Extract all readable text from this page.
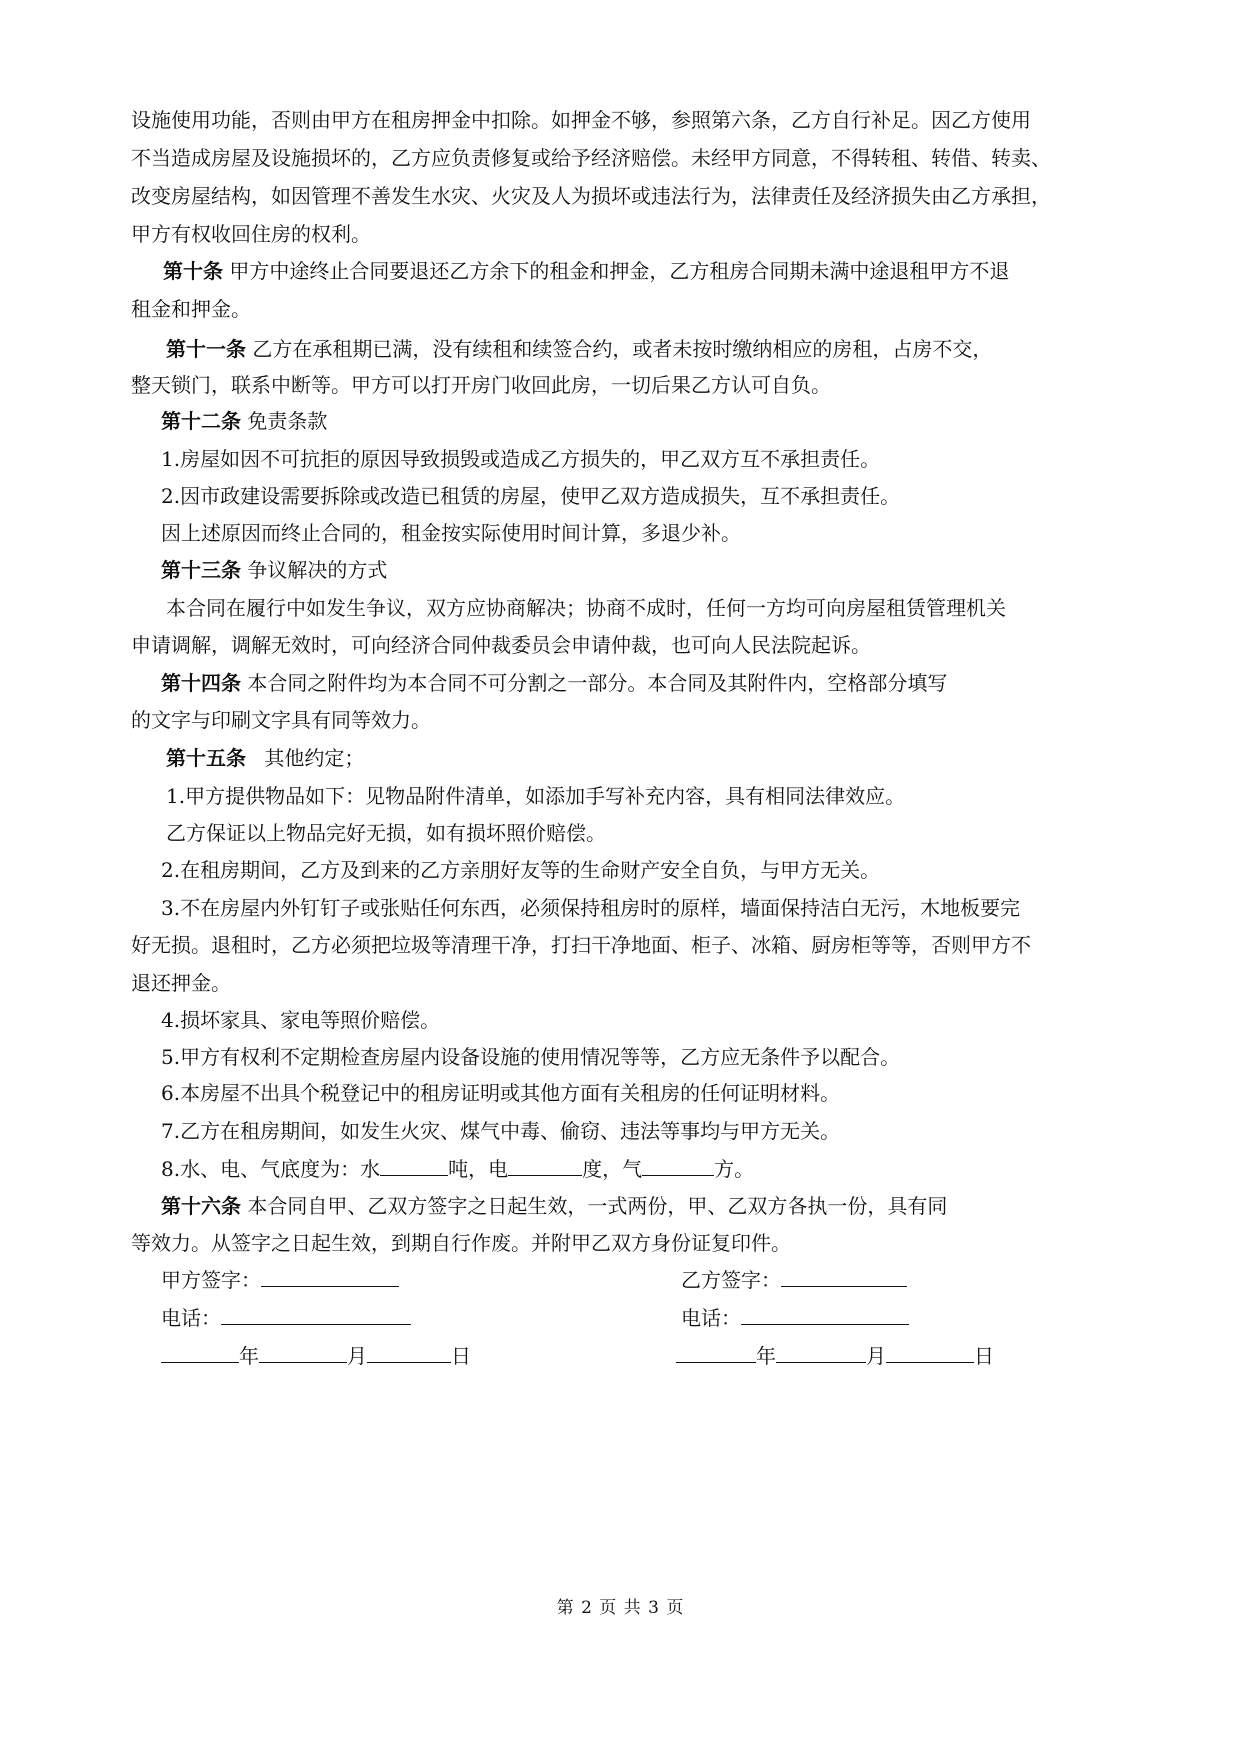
设施使用功能，否则由甲方在租房押金中扣除。如押金不够，参照第六条，乙方自行补足。因乙方使用
不当造成房屋及设施损坏的，乙方应负责修复或给予经济赔偿。未经甲方同意，不得转租、转借、转卖、
改变房屋结构，如因管理不善发生水灾、火灾及人为损坏或违法行为，法律责任及经济损失由乙方承担，
甲方有权收回住房的权利。
第十条 甲方中途终止合同要退还乙方余下的租金和押金，乙方租房合同期未满中途退租甲方不退
租金和押金。
第十一条 乙方在承租期已满，没有续租和续签合约，或者未按时缴纳相应的房租，占房不交，
整天锁门，联系中断等。甲方可以打开房门收回此房，一切后果乙方认可自负。
第十二条 免责条款
1.房屋如因不可抗拒的原因导致损毁或造成乙方损失的，甲乙双方互不承担责任。
2.因市政建设需要拆除或改造已租赁的房屋，使甲乙双方造成损失，互不承担责任。
因上述原因而终止合同的，租金按实际使用时间计算，多退少补。
第十三条 争议解决的方式
本合同在履行中如发生争议，双方应协商解决；协商不成时，任何一方均可向房屋租赁管理机关
申请调解，调解无效时，可向经济合同仲裁委员会申请仲裁，也可向人民法院起诉。
第十四条 本合同之附件均为本合同不可分割之一部分。本合同及其附件内，空格部分填写
的文字与印刷文字具有同等效力。
第十五条 其他约定；
1.甲方提供物品如下：见物品附件清单，如添加手写补充内容，具有相同法律效应。
乙方保证以上物品完好无损，如有损坏照价赔偿。
2.在租房期间，乙方及到来的乙方亲朋好友等的生命财产安全自负，与甲方无关。
3.不在房屋内外钉钉子或张贴任何东西，必须保持租房时的原样，墙面保持洁白无污，木地板要完
好无损。退租时，乙方必须把垃圾等清理干净，打扫干净地面、柜子、冰箱、厨房柜等等，否则甲方不
退还押金。
4.损坏家具、家电等照价赔偿。
5.甲方有权利不定期检查房屋内设备设施的使用情况等等，乙方应无条件予以配合。
6.本房屋不出具个税登记中的租房证明或其他方面有关租房的任何证明材料。
7.乙方在租房期间，如发生火灾、煤气中毒、偷窃、违法等事均与甲方无关。
8.水、电、气底度为：水	吨，电	度，气	方。
第十六条 本合同自甲、乙双方签字之日起生效，一式两份，甲、乙双方各执一份，具有同
等效力。从签字之日起生效，到期自行作废。并附甲乙双方身份证复印件。
甲方签字：	乙方签字：
电话：	电话：
年	月	日	年	月	日
第 2 页 共 3 页
